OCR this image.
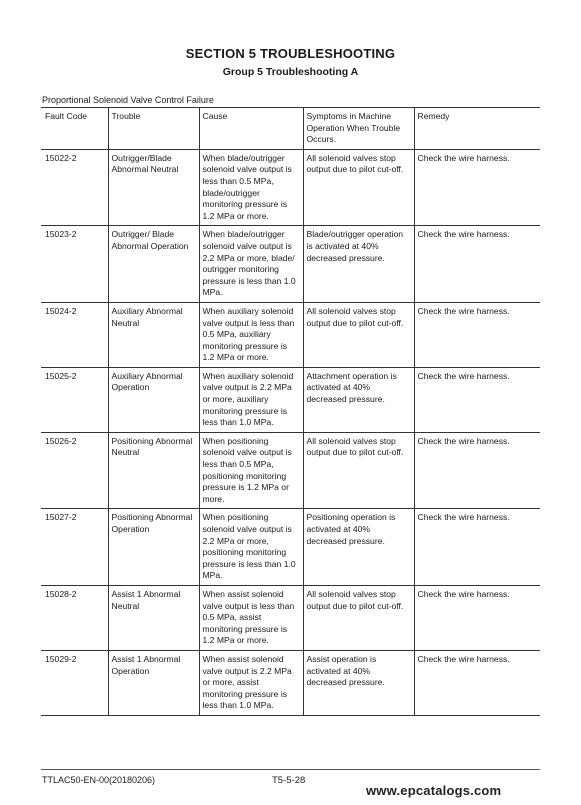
SECTION 5 TROUBLESHOOTING
Group 5 Troubleshooting A
Proportional Solenoid Valve Control Failure
Fault Code	Trouble	Cause	Symptoms in Machine Operation When Trouble Occurs.	Remedy
15022-2	Outrigger/Blade Abnormal Neutral	When blade/outrigger solenoid valve output is less than 0.5 MPa, blade/outrigger monitoring pressure is 1.2 MPa or more.	All solenoid valves stop output due to pilot cut-off.	Check the wire harness.
15023-2	Outrigger/ Blade Abnormal Operation	When blade/outrigger solenoid valve output is 2.2 MPa or more, blade/ outrigger monitoring pressure is less than 1.0 MPa.	Blade/outrigger operation is activated at 40% decreased pressure.	Check the wire harness.
15024-2	Auxiliary Abnormal Neutral	When auxiliary solenoid valve output is less than 0.5 MPa, auxiliary monitoring pressure is 1.2 MPa or more.	All solenoid valves stop output due to pilot cut-off.	Check the wire harness.
15025-2	Auxiliary Abnormal Operation	When auxiliary solenoid valve output is 2.2 MPa or more, auxiliary monitoring pressure is less than 1.0 MPa.	Attachment operation is activated at 40% decreased pressure.	Check the wire harness.
15026-2	Positioning Abnormal Neutral	When positioning solenoid valve output is less than 0.5 MPa, positioning monitoring pressure is 1.2 MPa or more.	All solenoid valves stop output due to pilot cut-off.	Check the wire harness.
15027-2	Positioning Abnormal Operation	When positioning solenoid valve output is 2.2 MPa or more, positioning monitoring pressure is less than 1.0 MPa.	Positioning operation is activated at 40% decreased pressure.	Check the wire harness.
15028-2	Assist 1 Abnormal Neutral	When assist solenoid valve output is less than 0.5 MPa, assist monitoring pressure is 1.2 MPa or more.	All solenoid valves stop output due to pilot cut-off.	Check the wire harness.
15029-2	Assist 1 Abnormal Operation	When assist solenoid valve output is 2.2 MPa or more, assist monitoring pressure is less than 1.0 MPa.	Assist operation is activated at 40% decreased pressure.	Check the wire harness.
TTLAC50-EN-00(20180206)	T5-5-28
www.epcatalogs.com
